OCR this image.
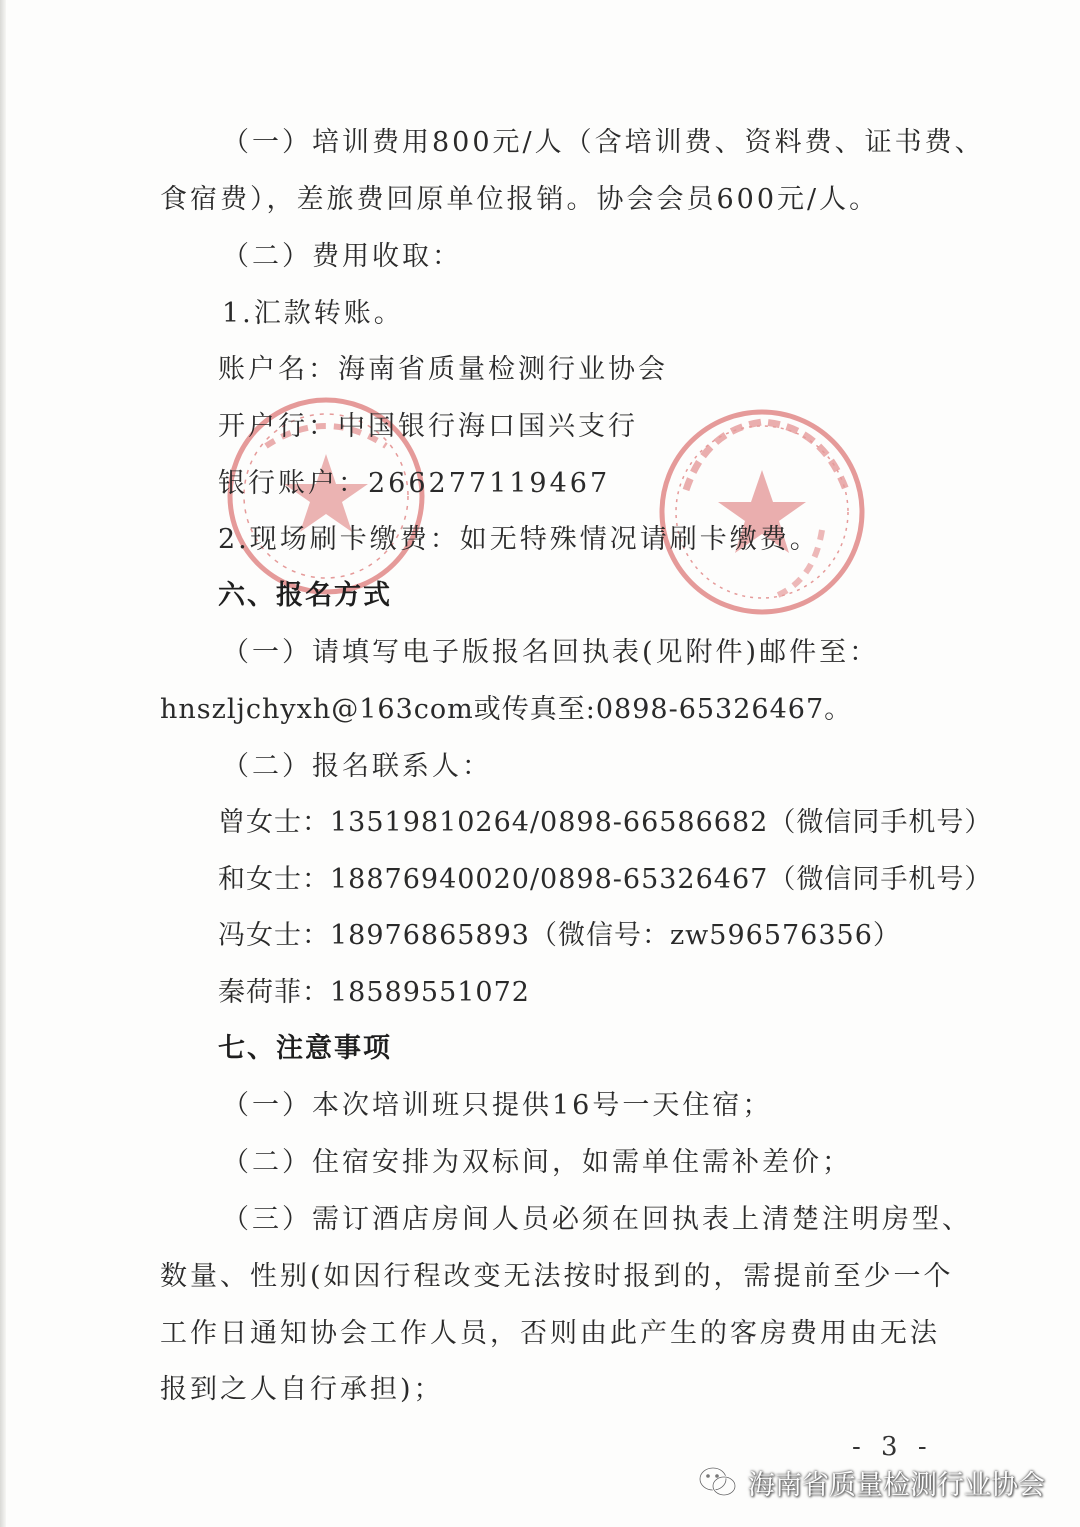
（一）培训费用800元/人（含培训费、资料费、证书费、
食宿费），差旅费回原单位报销。协会会员600元/人。
（二）费用收取：
1.汇款转账。
账户名：海南省质量检测行业协会
开户行：中国银行海口国兴支行
银行账户：266277119467
2.现场刷卡缴费：如无特殊情况请刷卡缴费。
六、报名方式
（一）请填写电子版报名回执表(见附件)邮件至：
hnszljchyxh@163com或传真至:0898-65326467。
（二）报名联系人：
曾女士：13519810264/0898-66586682（微信同手机号）
和女士：18876940020/0898-65326467（微信同手机号）
冯女士：18976865893（微信号：zw596576356）
秦荷菲：18589551072
七、注意事项
（一）本次培训班只提供16号一天住宿；
（二）住宿安排为双标间，如需单住需补差价；
（三）需订酒店房间人员必须在回执表上清楚注明房型、
数量、性别(如因行程改变无法按时报到的，需提前至少一个
工作日通知协会工作人员，否则由此产生的客房费用由无法
报到之人自行承担)；
- 3 -
海南省质量检测行业协会
